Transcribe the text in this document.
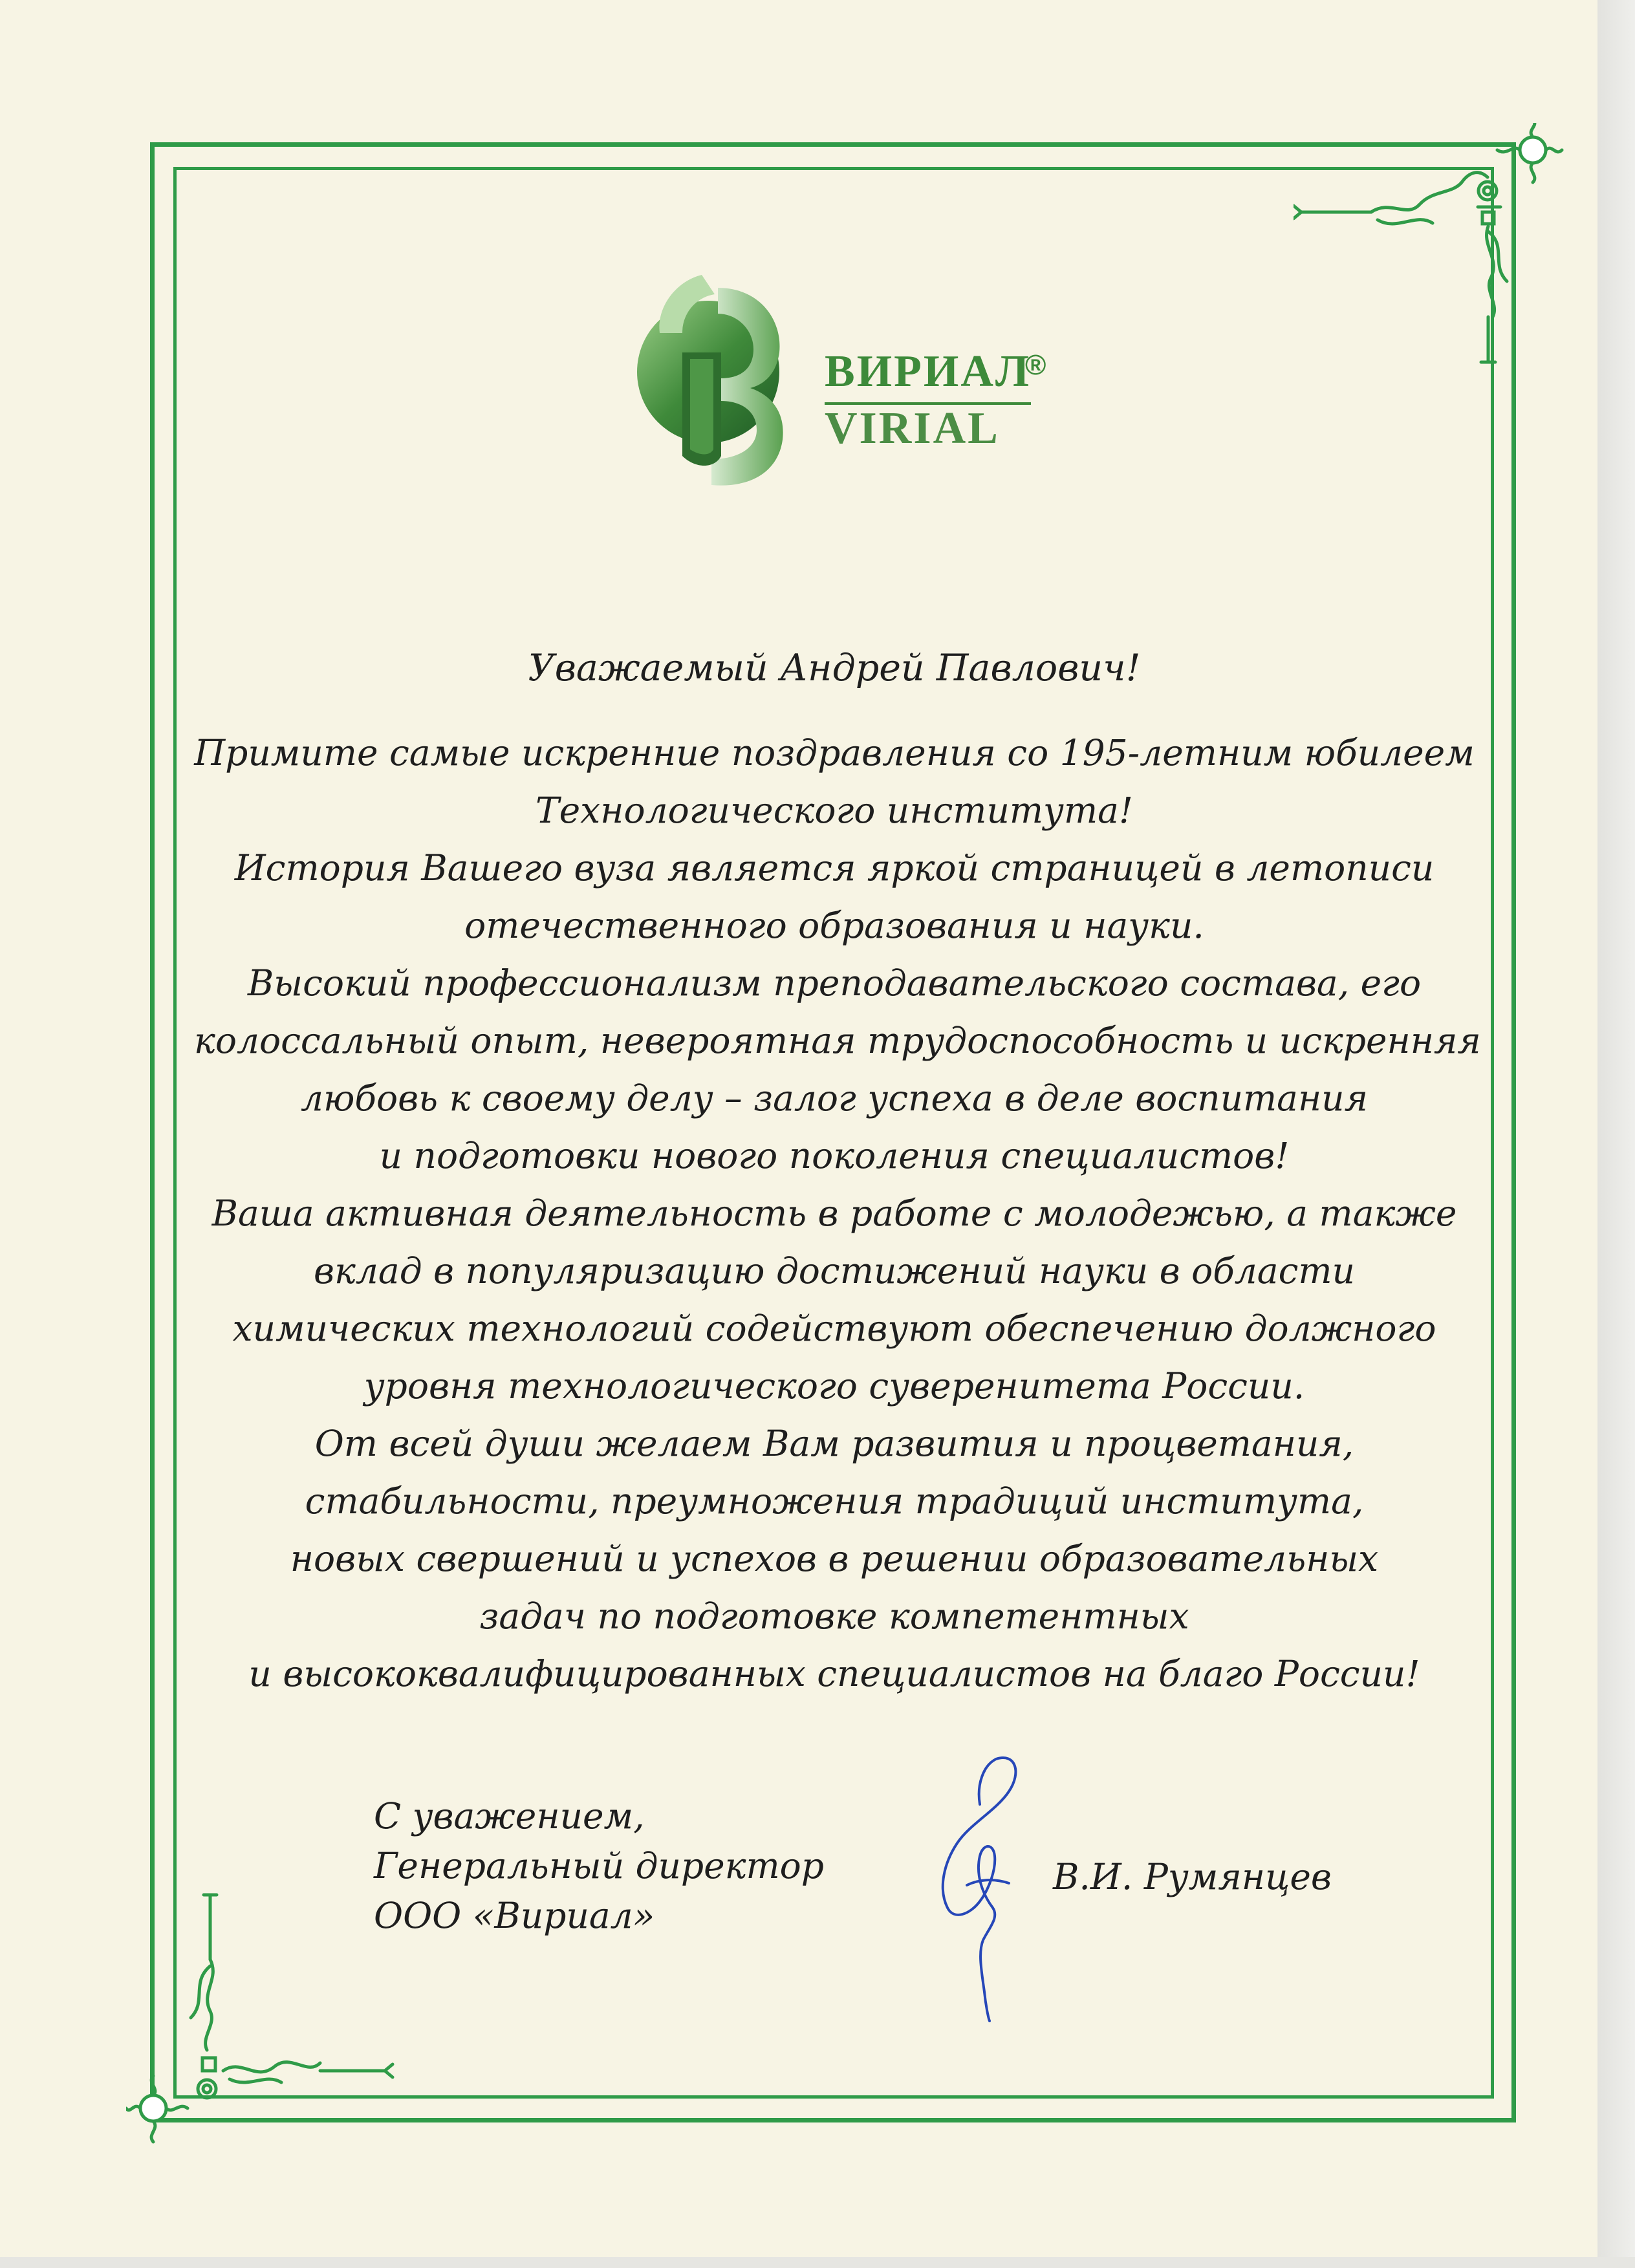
ВИРИАЛ
VIRIAL
®
Уважаемый Андрей Павлович!
Примите самые искренние поздравления со 195-летним юбилеем
Технологического института!
История Вашего вуза является яркой страницей в летописи
отечественного образования и науки.
Высокий профессионализм преподавательского состава, его
колоссальный опыт, невероятная трудоспособность и искренняя
любовь к своему делу – залог успеха в деле воспитания
и подготовки нового поколения специалистов!
Ваша активная деятельность в работе с молодежью, а также
вклад в популяризацию достижений науки в области
химических технологий содействуют обеспечению должного
уровня технологического суверенитета России.
От всей души желаем Вам развития и процветания,
стабильности, преумножения традиций института,
новых свершений и успехов в решении образовательных
задач по подготовке компетентных
и высококвалифицированных специалистов на благо России!
С уважением,
Генеральный директор
ООО «Вириал»
В.И. Румянцев
